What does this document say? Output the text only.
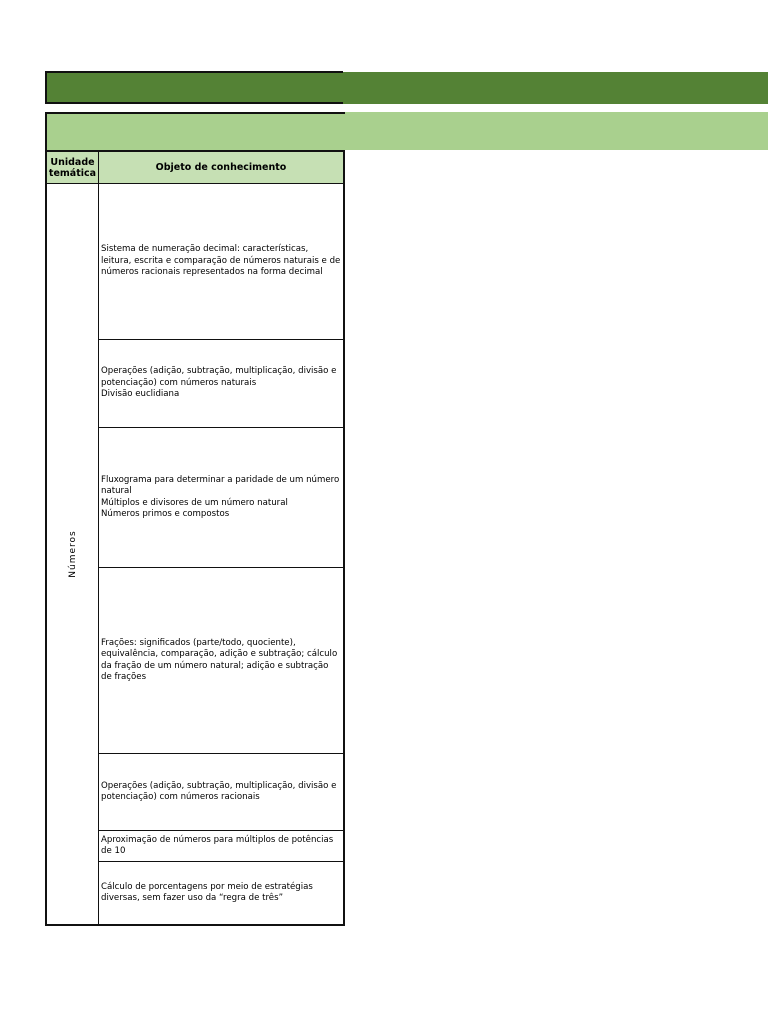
Unidade temática	Objeto de conhecimento
Números
Sistema de numeração decimal: características, leitura, escrita e comparação de números naturais e de números racionais representados na forma decimal
Operações (adição, subtração, multiplicação, divisão e potenciação) com números naturais
Divisão euclidiana
Fluxograma para determinar a paridade de um número natural
Múltiplos e divisores de um número natural
Números primos e compostos
Frações: significados (parte/todo, quociente), equivalência, comparação, adição e subtração; cálculo da fração de um número natural; adição e subtração de frações
Operações (adição, subtração, multiplicação, divisão e potenciação) com números racionais
Aproximação de números para múltiplos de potências de 10
Cálculo de porcentagens por meio de estratégias diversas, sem fazer uso da “regra de três”
